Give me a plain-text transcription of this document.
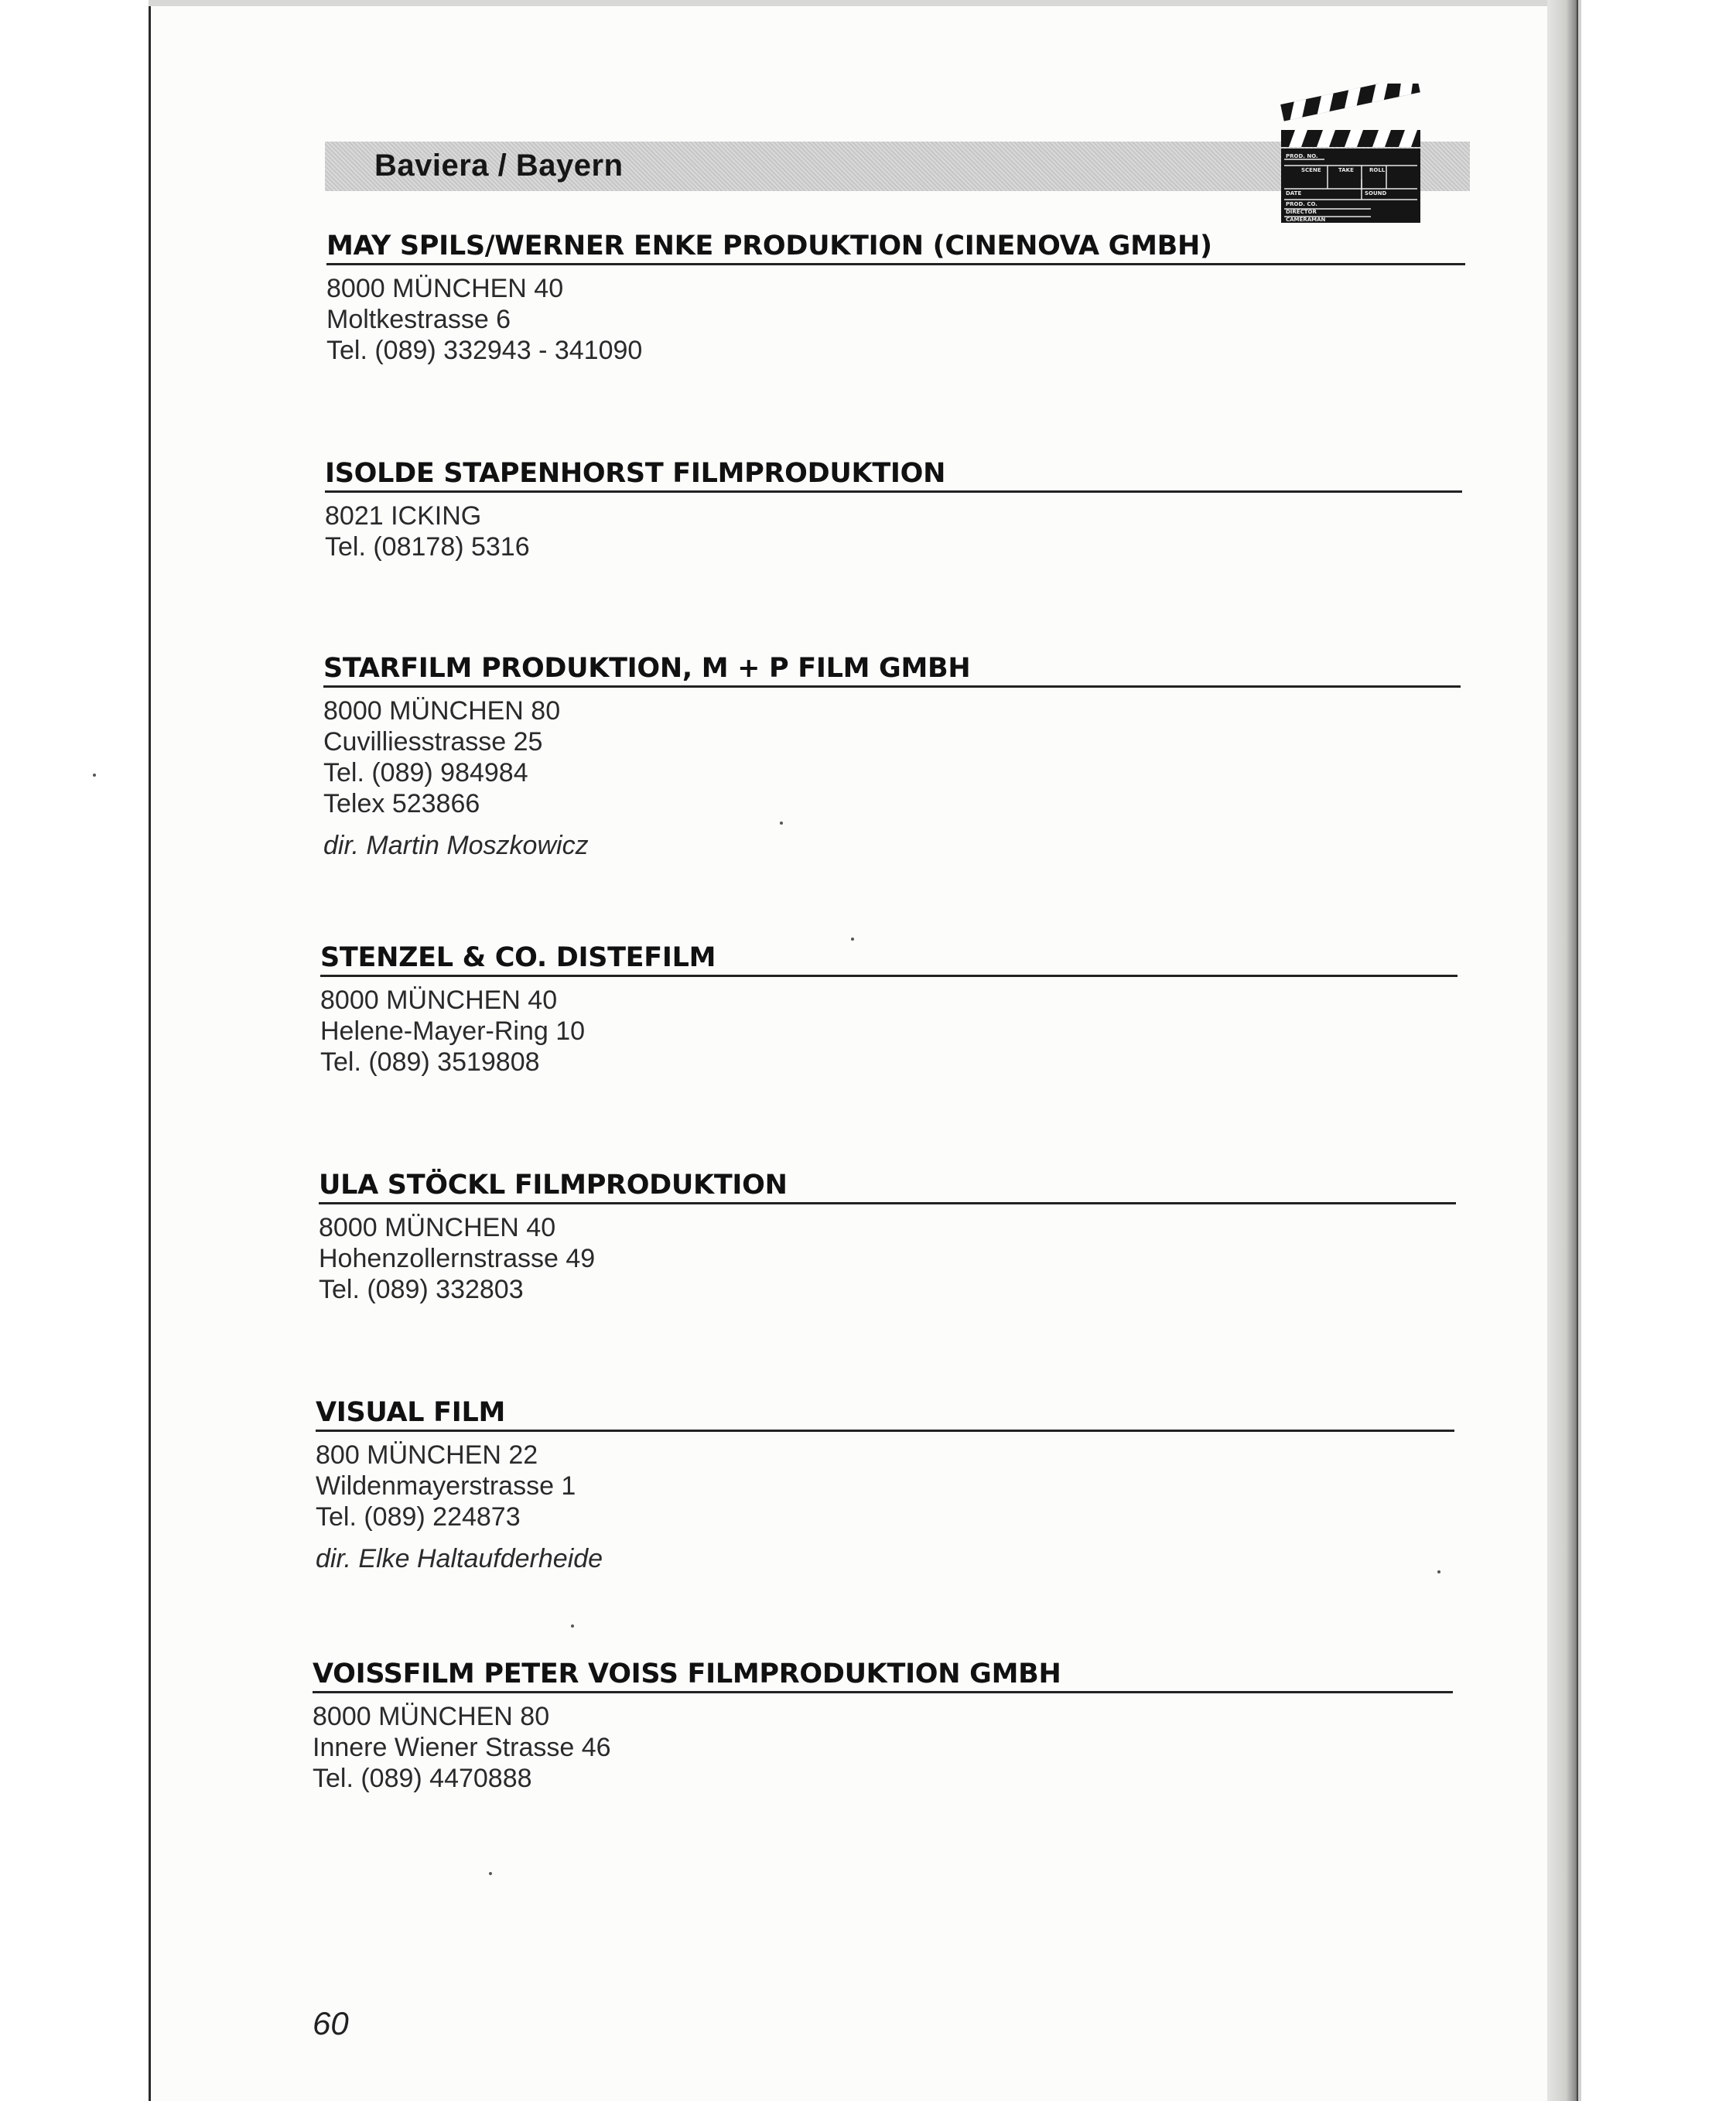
Baviera / Bayern	PROD. NO.
SCENE	TAKE	ROLL
DATE	SOUND
PROD. CO.
DIRECTOR
CAMERAMAN
MAY SPILS/WERNER ENKE PRODUKTION (CINENOVA GMBH)
8000 MÜNCHEN 40
Moltkestrasse 6
Tel. (089) 332943 - 341090
ISOLDE STAPENHORST FILMPRODUKTION
8021 ICKING
Tel. (08178) 5316
STARFILM PRODUKTION, M + P FILM GMBH
8000 MÜNCHEN 80
Cuvilliesstrasse 25
Tel. (089) 984984
Telex 523866
dir. Martin Moszkowicz
STENZEL & CO. DISTEFILM
8000 MÜNCHEN 40
Helene-Mayer-Ring 10
Tel. (089) 3519808
ULA STÖCKL FILMPRODUKTION
8000 MÜNCHEN 40
Hohenzollernstrasse 49
Tel. (089) 332803
VISUAL FILM
800 MÜNCHEN 22
Wildenmayerstrasse 1
Tel. (089) 224873
dir. Elke Haltaufderheide
VOISSFILM PETER VOISS FILMPRODUKTION GMBH
8000 MÜNCHEN 80
Innere Wiener Strasse 46
Tel. (089) 4470888
60
